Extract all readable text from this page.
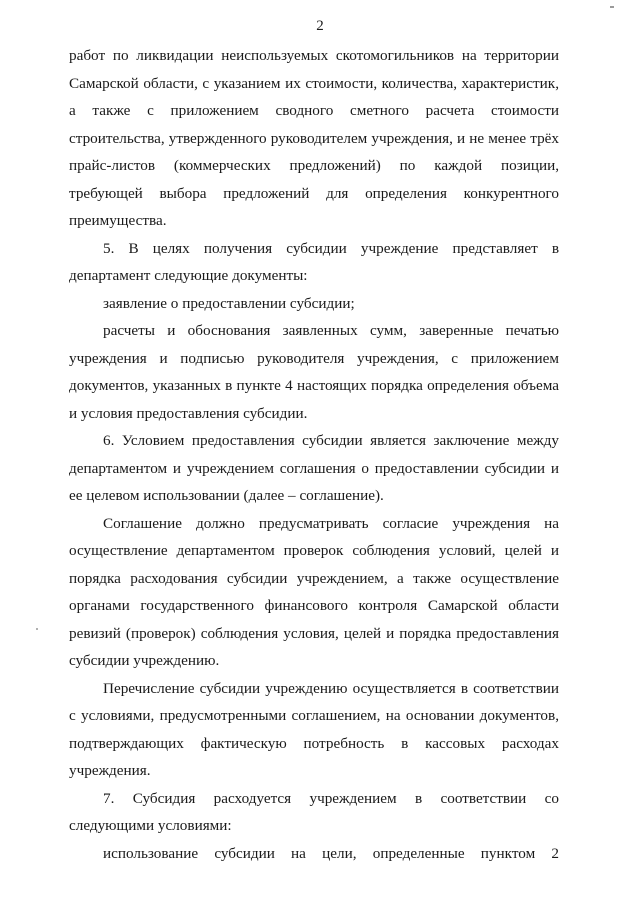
2

работ по ликвидации неиспользуемых скотомогильников на территории Самарской области, с указанием их стоимости, количества, характеристик, а также с приложением сводного сметного расчета стоимости строительства, утвержденного руководителем учреждения, и не менее трёх прайс-листов (коммерческих предложений) по каждой позиции, требующей выбора предложений для определения конкурентного преимущества.

5. В целях получения субсидии учреждение представляет в департамент следующие документы:

заявление о предоставлении субсидии;

расчеты и обоснования заявленных сумм, заверенные печатью учреждения и подписью руководителя учреждения, с приложением документов, указанных в пункте 4 настоящих порядка определения объема и условия предоставления субсидии.

6. Условием предоставления субсидии является заключение между департаментом и учреждением соглашения о предоставлении субсидии и ее целевом использовании (далее – соглашение).

Соглашение должно предусматривать согласие учреждения на осуществление департаментом проверок соблюдения условий, целей и порядка расходования субсидии учреждением, а также осуществление органами государственного финансового контроля Самарской области ревизий (проверок) соблюдения условия, целей и порядка предоставления субсидии учреждению.

Перечисление субсидии учреждению осуществляется в соответствии с условиями, предусмотренными соглашением, на основании документов, подтверждающих фактическую потребность в кассовых расходах учреждения.

7. Субсидия расходуется учреждением в соответствии со следующими условиями:

использование субсидии на цели, определенные пунктом 2
